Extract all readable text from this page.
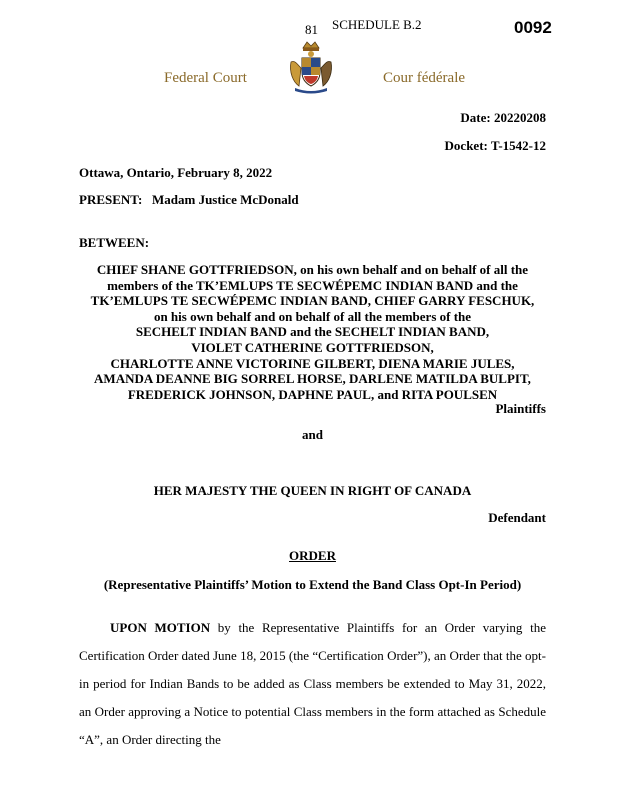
81 SCHEDULE B.2	0092
Federal Court	Cour fédérale
Date: 20220208
Docket: T-1542-12
Ottawa, Ontario, February 8, 2022
PRESENT: Madam Justice McDonald
BETWEEN:
CHIEF SHANE GOTTFRIEDSON, on his own behalf and on behalf of all the
members of the TK’EMLUPS TE SECWÉPEMC INDIAN BAND and the
TK’EMLUPS TE SECWÉPEMC INDIAN BAND, CHIEF GARRY FESCHUK,
on his own behalf and on behalf of all the members of the
SECHELT INDIAN BAND and the SECHELT INDIAN BAND,
VIOLET CATHERINE GOTTFRIEDSON,
CHARLOTTE ANNE VICTORINE GILBERT, DIENA MARIE JULES,
AMANDA DEANNE BIG SORREL HORSE, DARLENE MATILDA BULPIT,
FREDERICK JOHNSON, DAPHNE PAUL, and RITA POULSEN
Plaintiffs
and
HER MAJESTY THE QUEEN IN RIGHT OF CANADA
Defendant
ORDER
(Representative Plaintiffs’ Motion to Extend the Band Class Opt-In Period)
UPON MOTION by the Representative Plaintiffs for an Order varying the Certification Order dated June 18, 2015 (the “Certification Order”), an Order that the opt-in period for Indian Bands to be added as Class members be extended to May 31, 2022, an Order approving a Notice to potential Class members in the form attached as Schedule “A”, an Order directing the
